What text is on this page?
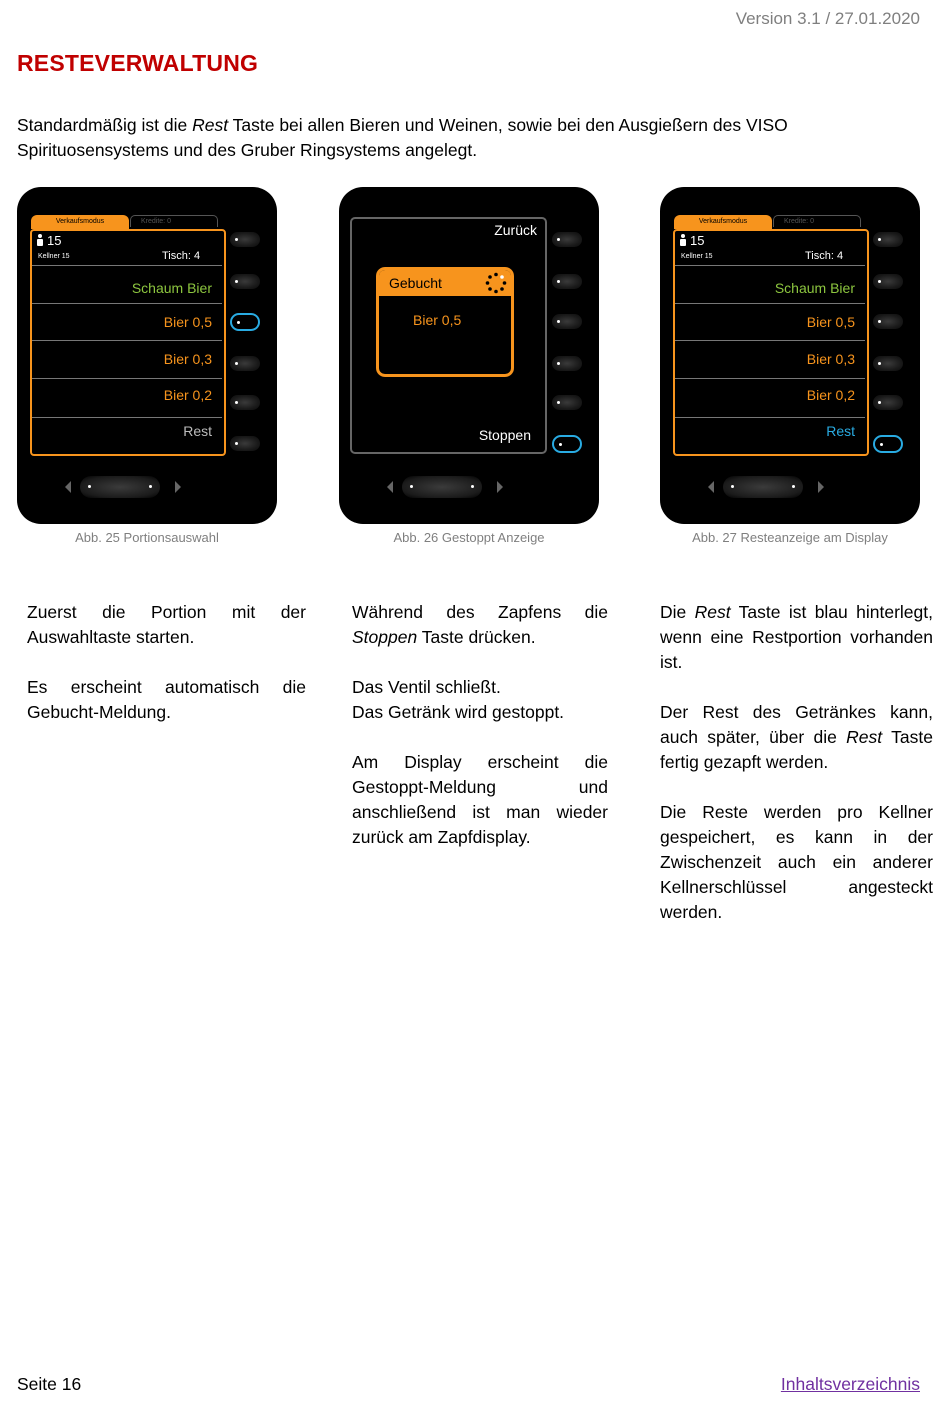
Version 3.1 / 27.01.2020
RESTEVERWALTUNG

Standardmäßig ist die Rest Taste bei allen Bieren und Weinen, sowie bei den Ausgießern des VISO Spirituosensystems und des Gruber Ringsystems angelegt.

Verkaufsmodus	Kredite: 0
15
Kellner 15	Tisch: 4
Schaum Bier
Bier 0,5
Bier 0,3
Bier 0,2
Rest
Abb. 25 Portionsauswahl
Zurück
Gebucht
Bier 0,5
Stoppen
Abb. 26 Gestoppt Anzeige
Verkaufsmodus	Kredite: 0
15
Kellner 15	Tisch: 4
Schaum Bier
Bier 0,5
Bier 0,3
Bier 0,2
Rest
Abb. 27 Resteanzeige am Display

Zuerst die Portion mit der Auswahltaste starten.

Es erscheint automatisch die Gebucht-Meldung.

Während des Zapfens die Stoppen Taste drücken.

Das Ventil schließt.
Das Getränk wird gestoppt.

Am Display erscheint die Gestoppt-Meldung und anschließend ist man wieder zurück am Zapfdisplay.

Die Rest Taste ist blau hinterlegt, wenn eine Restportion vorhanden ist.

Der Rest des Getränkes kann, auch später, über die Rest Taste fertig gezapft werden.

Die Reste werden pro Kellner gespeichert, es kann in der Zwischenzeit auch ein anderer Kellnerschlüssel angesteckt werden.

Seite 16	Inhaltsverzeichnis
